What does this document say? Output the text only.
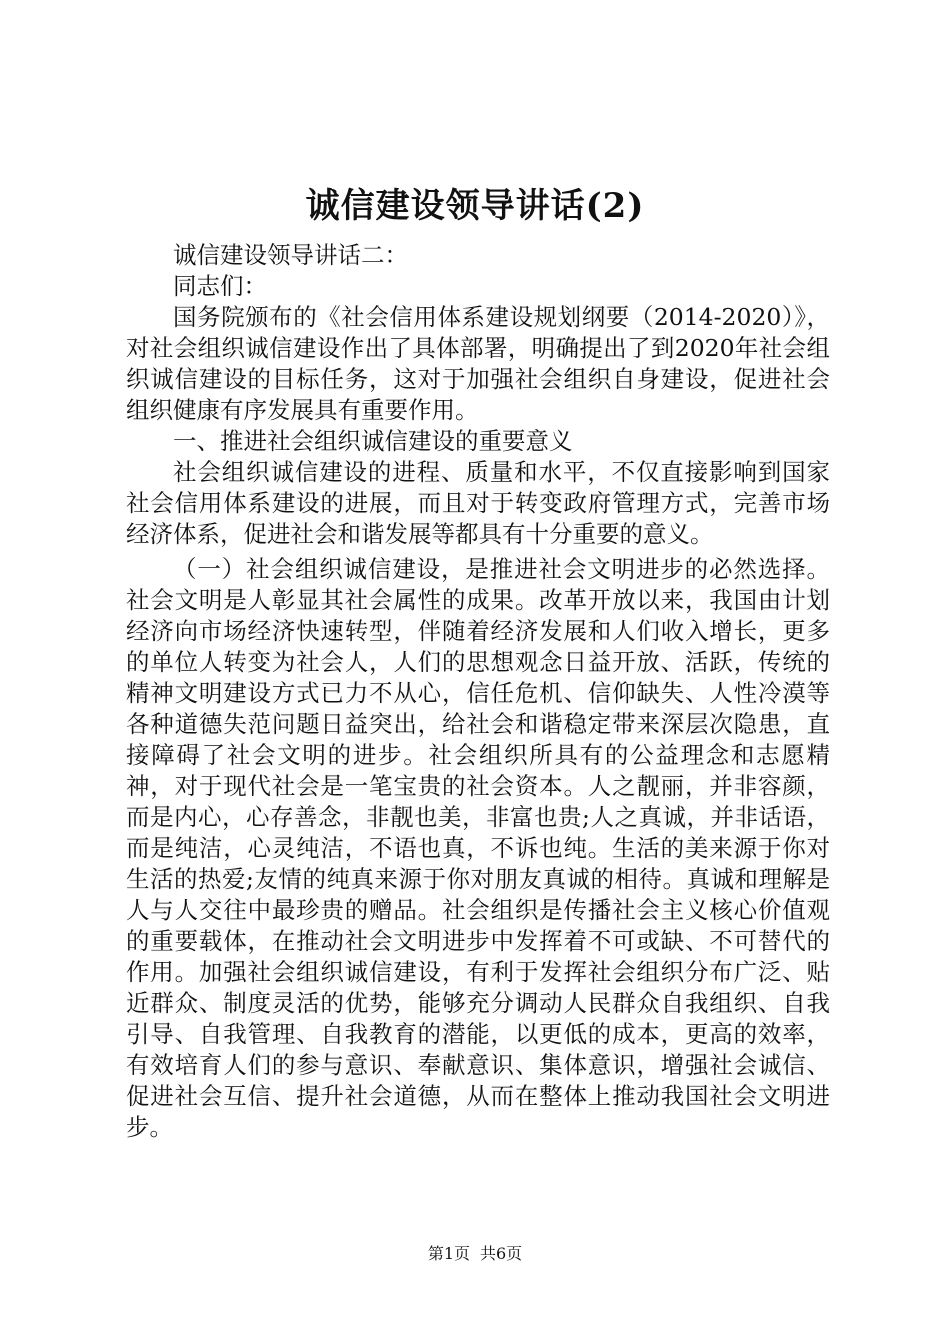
诚信建设领导讲话(2)

诚信建设领导讲话二：

同志们：

国务院颁布的《社会信用体系建设规划纲要（2014-2020）》，对社会组织诚信建设作出了具体部署，明确提出了到2020年社会组织诚信建设的目标任务，这对于加强社会组织自身建设，促进社会组织健康有序发展具有重要作用。

一、推进社会组织诚信建设的重要意义

社会组织诚信建设的进程、质量和水平，不仅直接影响到国家社会信用体系建设的进展，而且对于转变政府管理方式，完善市场经济体系，促进社会和谐发展等都具有十分重要的意义。

（一）社会组织诚信建设，是推进社会文明进步的必然选择。社会文明是人彰显其社会属性的成果。改革开放以来，我国由计划经济向市场经济快速转型，伴随着经济发展和人们收入增长，更多的单位人转变为社会人，人们的思想观念日益开放、活跃，传统的精神文明建设方式已力不从心，信任危机、信仰缺失、人性冷漠等各种道德失范问题日益突出，给社会和谐稳定带来深层次隐患，直接障碍了社会文明的进步。社会组织所具有的公益理念和志愿精神，对于现代社会是一笔宝贵的社会资本。人之靓丽，并非容颜，而是内心，心存善念，非靓也美，非富也贵;人之真诚，并非话语，而是纯洁，心灵纯洁，不语也真，不诉也纯。生活的美来源于你对生活的热爱;友情的纯真来源于你对朋友真诚的相待。真诚和理解是人与人交往中最珍贵的赠品。社会组织是传播社会主义核心价值观的重要载体，在推动社会文明进步中发挥着不可或缺、不可替代的作用。加强社会组织诚信建设，有利于发挥社会组织分布广泛、贴近群众、制度灵活的优势，能够充分调动人民群众自我组织、自我引导、自我管理、自我教育的潜能，以更低的成本，更高的效率，有效培育人们的参与意识、奉献意识、集体意识，增强社会诚信、促进社会互信、提升社会道德，从而在整体上推动我国社会文明进步。

第1页 共6页
